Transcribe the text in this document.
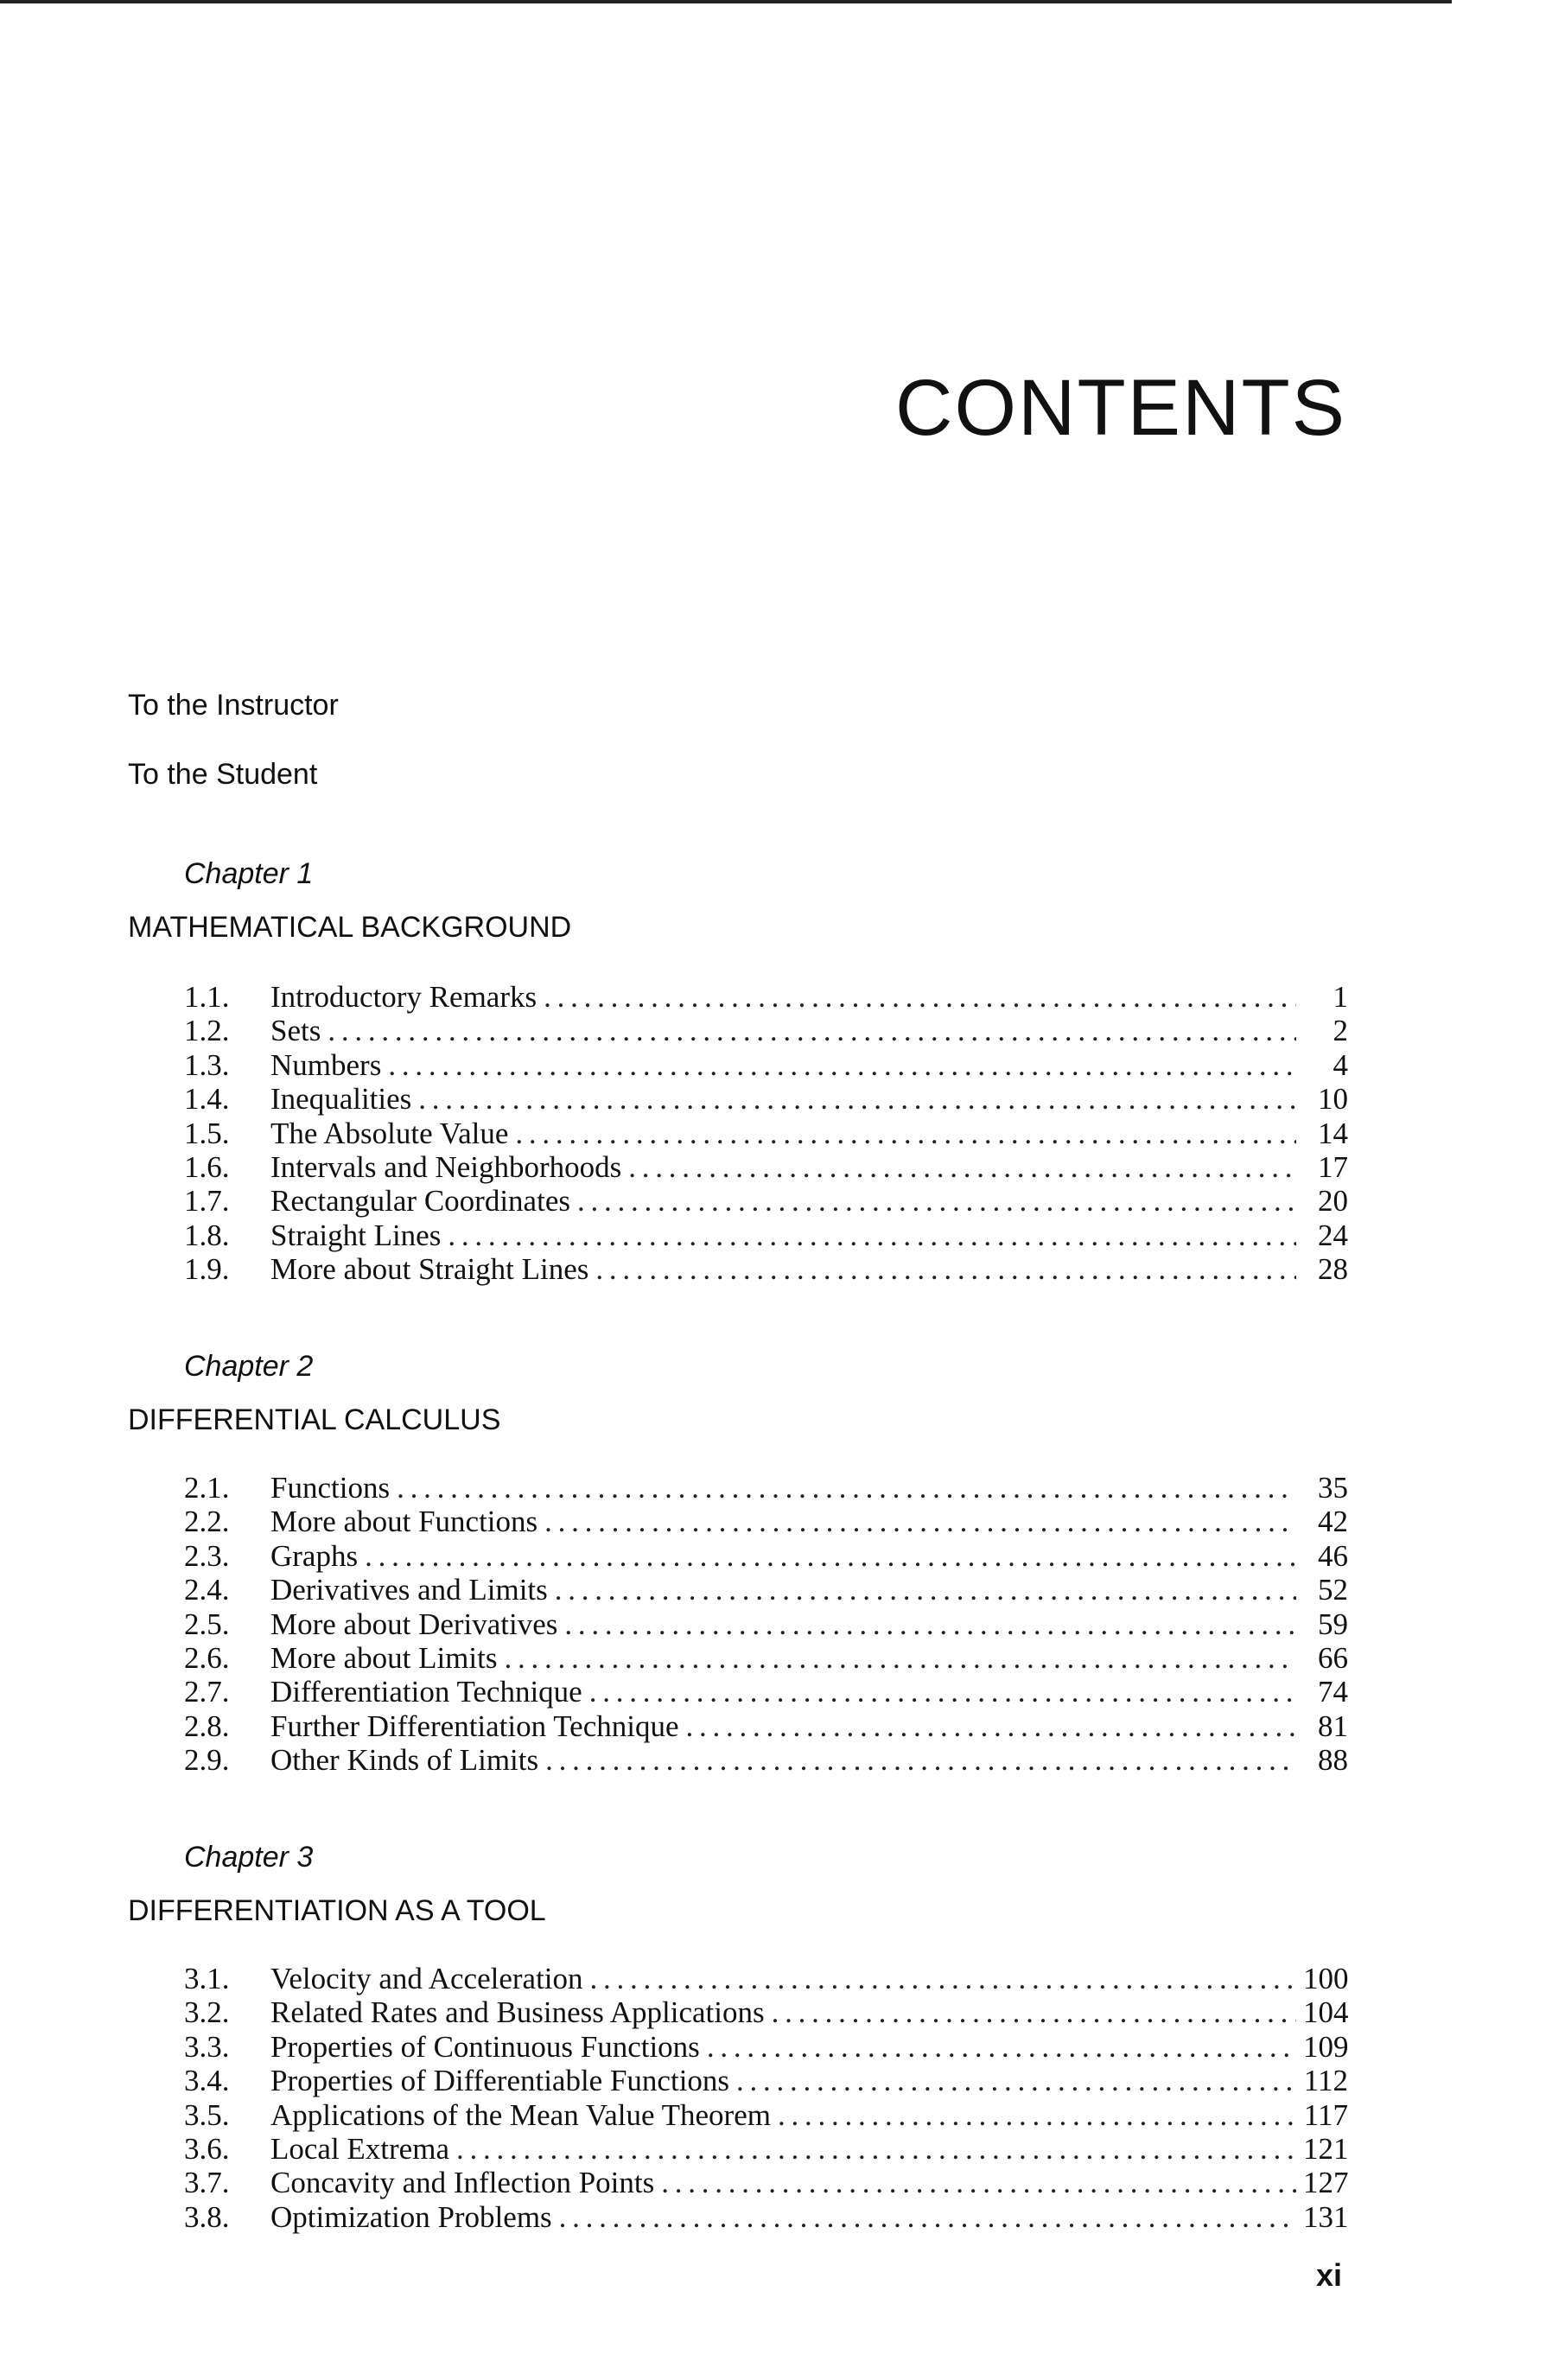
CONTENTS
To the Instructor
To the Student
Chapter 1
MATHEMATICAL BACKGROUND
1.1.	Introductory Remarks . . .	1
1.2.	Sets . . .	2
1.3.	Numbers . . .	4
1.4.	Inequalities . . .	10
1.5.	The Absolute Value . . .	14
1.6.	Intervals and Neighborhoods . . .	17
1.7.	Rectangular Coordinates . . .	20
1.8.	Straight Lines . . .	24
1.9.	More about Straight Lines . . .	28
Chapter 2
DIFFERENTIAL CALCULUS
2.1.	Functions . . .	35
2.2.	More about Functions . . .	42
2.3.	Graphs . . .	46
2.4.	Derivatives and Limits . . .	52
2.5.	More about Derivatives . . .	59
2.6.	More about Limits . . .	66
2.7.	Differentiation Technique . . .	74
2.8.	Further Differentiation Technique . . .	81
2.9.	Other Kinds of Limits . . .	88
Chapter 3
DIFFERENTIATION AS A TOOL
3.1.	Velocity and Acceleration . . .	100
3.2.	Related Rates and Business Applications . . .	104
3.3.	Properties of Continuous Functions . . .	109
3.4.	Properties of Differentiable Functions . . .	112
3.5.	Applications of the Mean Value Theorem . . .	117
3.6.	Local Extrema . . .	121
3.7.	Concavity and Inflection Points . . .	127
3.8.	Optimization Problems . . .	131
xi
